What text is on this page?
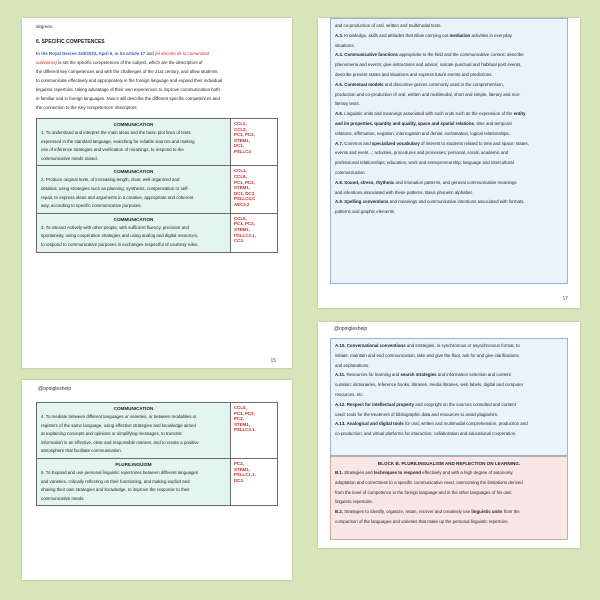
degrees.
6. SPECIFIC COMPETENCES
In the Royal Decree 243/2022, April 5, in its article 17 and (el decreto de la comunidad
autónoma) is set the specific competences of the subject, which are the descriptors of
the different key competences and with the challenges of the 21st century, and allow students
to communicate effectively and appropriately in the foreign language and expand their individual
linguistic repertoire, taking advantage of their own experiences to improve communication both
in familiar and in foreign languages. Now it will describe the different specific competences and
the connection to the Key competences' descriptors:
COMMUNICATION
1. To understand and interpret the main ideas and the basic plot lines of texts
expressed in the standard language, searching for reliable sources and making
use of inference strategies and verification of meanings, to respond to the
communicative needs raised.
CCL2,
CCL3,
PC1, PC2,
STEM1,
DC1,
PSLLC4
COMMUNICATION
2. Produce original texts, of increasing length, clear, well organized and
detailed, using strategies such as planning, synthesis, compensation or self-
repair, to express ideas and arguments in a creative, appropriate and coherent
way, according to specific communicative purposes.
CCL1,
CCL5,
PC1, PC2,
STEM1,
DC1, DC3
PSLLC4,C
AEC3.2
COMMUNICATION
3. To interact Actively with other people, with sufficient fluency, precision and
spontaneity, using cooperation strategies and using analog and digital resources,
to respond to communicative purposes in exchanges respectful of courtesy rules.
CCL5,
PC1, PC2,
STEM1,
PSLLC3.1,
CC3.
15
and co-production of oral, written and multimodal texts.
A.3. Knowledge, skills and attitudes that allow carrying out mediation activities in everyday
situations.
A.4. Communicative functions appropriate to the field and the communicative context: describe
phenomena and events; give instructions and advice; narrate punctual and habitual past events,
describe present states and situations and express future events and predictions.
A.5. Contextual models and discursive genres commonly used in the comprehension,
production and co-production of oral, written and multimodal, short and simple, literary and non-
literary texts.
A.6. Linguistic units and meanings associated with such units such as the expression of the entity
and its properties, quantity and quality, space and spatial relations, time and temporal
relations, affirmation, negation, interrogation and denial. exclamation, logical relationships.
A.7. Common and specialized vocabulary of interest to students related to time and space; states,
events and event...; activities, procedures and processes; personal, social, academic and
professional relationships; education, work and entrepreneurship; language and intercultural
communication.
A.8. Sound, stress, rhythmic and intonation patterns, and general communicative meanings
and intentions associated with these patterns. Basic phonetic alphabet.
A.9. Spelling conventions and meanings and communicative intentions associated with formats,
patterns and graphic elements.
17
@opinglesheip
COMMUNICATION
4. To mediate between different languages or varieties, or between modalities or
registers of the same language, using effective strategies and knowledge aimed
at explaining concepts and opinions or simplifying messages, to transmit
information in an effective, clear and responsible manner, and to create a positive
atmosphere that facilitate communication.
CCL5,
PC1, PC2,
PC3,
STEM1,
PSLLC3.1.
PLURILINGUISM
5. To Expand and use personal linguistic repertoires between different languages
and varieties, critically reflecting on their functioning, and making explicit and
sharing their own strategies and knowledge, to improve the response to their
communicative needs.
PC2,
STEM1,
PSLLC1.1,
DC3.
@opinglesheip
A.10. Conversational conventions and strategies, in synchronous or asynchronous format, to
initiate, maintain and end communication, take and give the floor, ask for and give clarifications
and explanations.
A.11. Resources for learning and search strategies and information selection and content
curation: dictionaries, reference books, libraries, media libraries, web labels, digital and computer
resources, etc.
A.12. Respect for intellectual property and copyright on the sources consulted and content
used: tools for the treatment of bibliographic data and resources to avoid plagiarism.
A.13. Analogical and digital tools for oral, written and multimodal comprehension, production and
co-production; and virtual platforms for interaction, collaboration and educational cooperation.
BLOCK B. PLURILINGUALISM AND REFLECTION ON LEARNING.
B.1. Strategies and techniques to respond effectively and with a high degree of autonomy,
adaptation and correctness to a specific communicative need, overcoming the limitations derived
from the level of competence in the foreign language and in the other languages of his own
linguistic repertoire.
B.2. Strategies to identify, organize, retain, recover and creatively use linguistic units from the
comparison of the languages and varieties that make up the personal linguistic repertoire.
